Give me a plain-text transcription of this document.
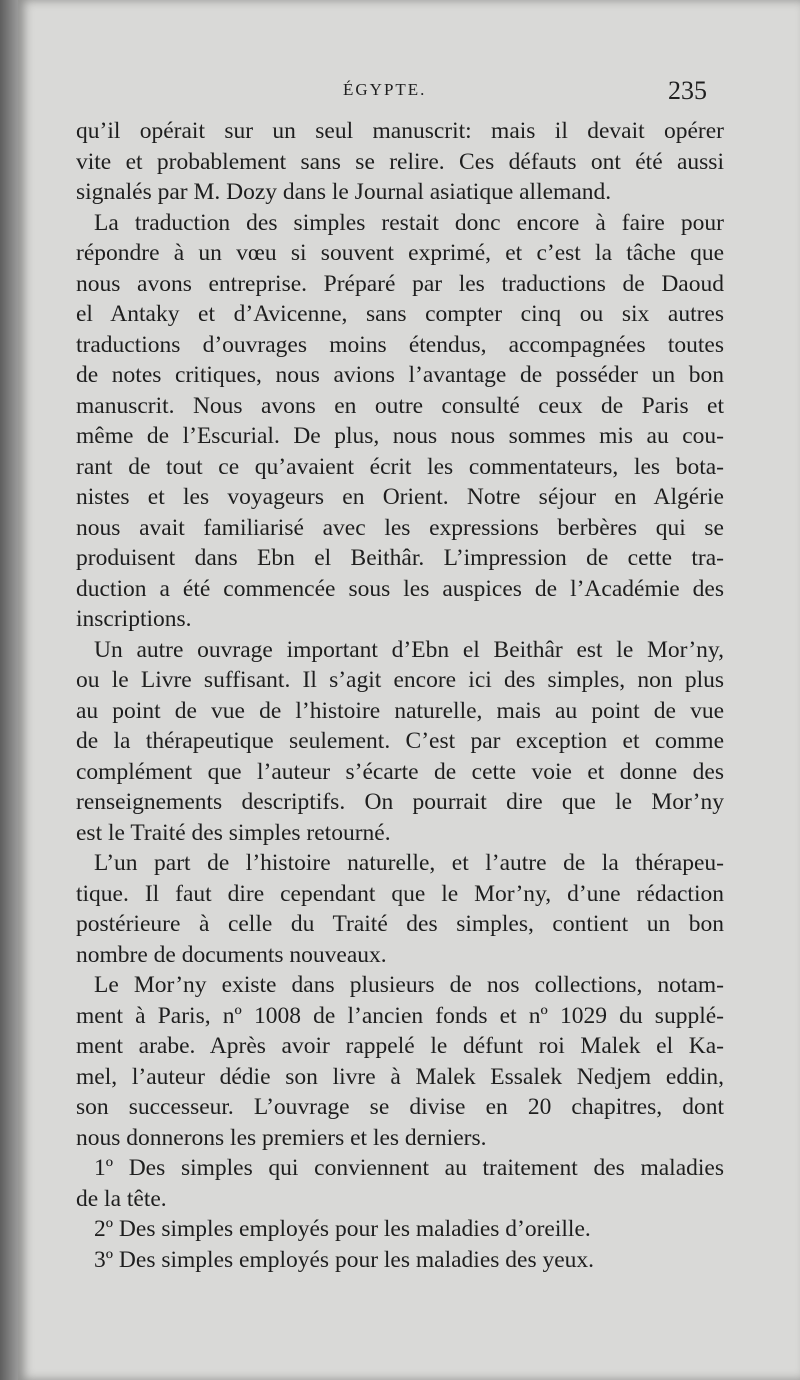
ÉGYPTE.	235
qu’il opérait sur un seul manuscrit: mais il devait opérer
vite et probablement sans se relire. Ces défauts ont été aussi
signalés par M. Dozy dans le Journal asiatique allemand.
La traduction des simples restait donc encore à faire pour
répondre à un vœu si souvent exprimé, et c’est la tâche que
nous avons entreprise. Préparé par les traductions de Daoud
el Antaky et d’Avicenne, sans compter cinq ou six autres
traductions d’ouvrages moins étendus, accompagnées toutes
de notes critiques, nous avions l’avantage de posséder un bon
manuscrit. Nous avons en outre consulté ceux de Paris et
même de l’Escurial. De plus, nous nous sommes mis au cou-
rant de tout ce qu’avaient écrit les commentateurs, les bota-
nistes et les voyageurs en Orient. Notre séjour en Algérie
nous avait familiarisé avec les expressions berbères qui se
produisent dans Ebn el Beithâr. L’impression de cette tra-
duction a été commencée sous les auspices de l’Académie des
inscriptions.
Un autre ouvrage important d’Ebn el Beithâr est le Mor’ny,
ou le Livre suffisant. Il s’agit encore ici des simples, non plus
au point de vue de l’histoire naturelle, mais au point de vue
de la thérapeutique seulement. C’est par exception et comme
complément que l’auteur s’écarte de cette voie et donne des
renseignements descriptifs. On pourrait dire que le Mor’ny
est le Traité des simples retourné.
L’un part de l’histoire naturelle, et l’autre de la thérapeu-
tique. Il faut dire cependant que le Mor’ny, d’une rédaction
postérieure à celle du Traité des simples, contient un bon
nombre de documents nouveaux.
Le Mor’ny existe dans plusieurs de nos collections, notam-
ment à Paris, nº 1008 de l’ancien fonds et nº 1029 du supplé-
ment arabe. Après avoir rappelé le défunt roi Malek el Ka-
mel, l’auteur dédie son livre à Malek Essalek Nedjem eddin,
son successeur. L’ouvrage se divise en 20 chapitres, dont
nous donnerons les premiers et les derniers.
1º Des simples qui conviennent au traitement des maladies
de la tête.
2º Des simples employés pour les maladies d’oreille.
3º Des simples employés pour les maladies des yeux.
